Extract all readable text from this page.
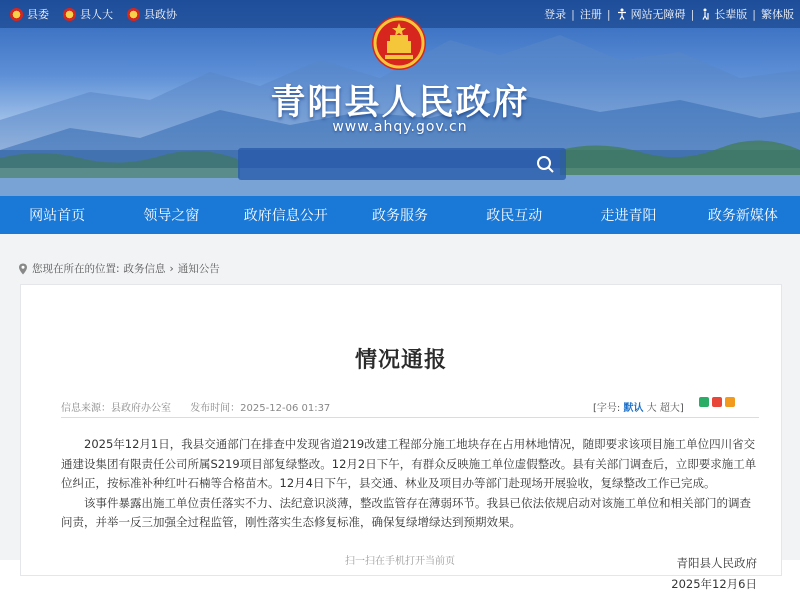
县委	县人大	县政协	登录 | 注册 | 网站无障碍 | 长辈版 | 繁体版
青阳县人民政府
www.ahqy.gov.cn
网站首页	领导之窗	政府信息公开	政务服务	政民互动	走进青阳	政务新媒体
您现在所在的位置: 政务信息 › 通知公告
情况通报
信息来源：县政府办公室 发布时间：2025-12-06 01:37	[字号: 默认 大 超大]

2025年12月1日，我县交通部门在排查中发现省道219改建工程部分施工地块存在占用林地情况，随即要求该项目施工单位四川省交通建设集团有限责任公司所属S219项目部复绿整改。12月2日下午，有群众反映施工单位虚假整改。县有关部门调查后，立即要求施工单位纠正，按标准补种红叶石楠等合格苗木。12月4日下午，县交通、林业及项目办等部门赴现场开展验收，复绿整改工作已完成。

该事件暴露出施工单位责任落实不力、法纪意识淡薄，整改监管存在薄弱环节。我县已依法依规启动对该施工单位和相关部门的调查问责，并举一反三加强全过程监管，刚性落实生态修复标准，确保复绿增绿达到预期效果。

青阳县人民政府
2025年12月6日
扫一扫在手机打开当前页
